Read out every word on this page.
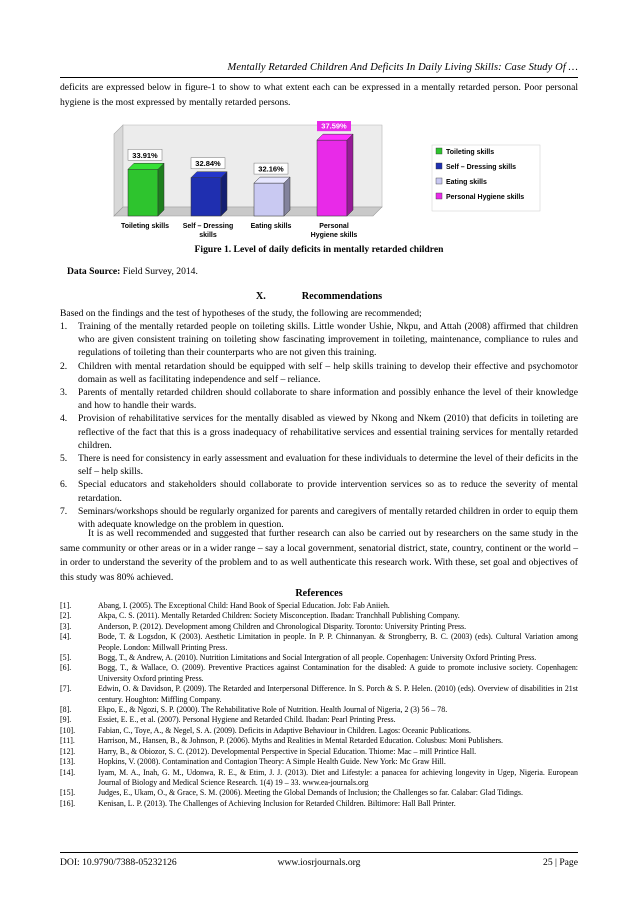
Mentally Retarded Children And Deficits In Daily Living Skills: Case Study Of …
deficits are expressed below in figure-1 to show to what extent each can be expressed in a mentally retarded person. Poor personal hygiene is the most expressed by mentally retarded persons.
33.91%
Toileting skills
32.84%
Self – Dressing
skills
32.16%
Eating skills
37.59%
Personal
Hygiene skills
Toileting skills
Self – Dressing skills
Eating skills
Personal Hygiene skills
Figure 1. Level of daily deficits in mentally retarded children
Data Source: Field Survey, 2014.
X.	Recommendations
Based on the findings and the test of hypotheses of the study, the following are recommended;
1. Training of the mentally retarded people on toileting skills. Little wonder Ushie, Nkpu, and Attah (2008) affirmed that children who are given consistent training on toileting show fascinating improvement in toileting, maintenance, compliance to rules and regulations of toileting than their counterparts who are not given this training.
2. Children with mental retardation should be equipped with self – help skills training to develop their effective and psychomotor domain as well as facilitating independence and self – reliance.
3. Parents of mentally retarded children should collaborate to share information and possibly enhance the level of their knowledge and how to handle their wards.
4. Provision of rehabilitative services for the mentally disabled as viewed by Nkong and Nkem (2010) that deficits in toileting are reflective of the fact that this is a gross inadequacy of rehabilitative services and essential training services for mentally retarded children.
5. There is need for consistency in early assessment and evaluation for these individuals to determine the level of their deficits in the self – help skills.
6. Special educators and stakeholders should collaborate to provide intervention services so as to reduce the severity of mental retardation.
7. Seminars/workshops should be regularly organized for parents and caregivers of mentally retarded children in order to equip them with adequate knowledge on the problem in question.
It is as well recommended and suggested that further research can also be carried out by researchers on the same study in the same community or other areas or in a wider range – say a local government, senatorial district, state, country, continent or the world – in order to understand the severity of the problem and to as well authenticate this research work. With these, set goal and objectives of this study was 80% achieved.
References
[1].	Abang, I. (2005). The Exceptional Child: Hand Book of Special Education. Job: Fab Aniieh.
[2].	Akpa, C. S. (2011). Mentally Retarded Children: Society Misconception. Ibadan: Tranchhall Publishing Company.
[3].	Anderson, P. (2012). Development among Children and Chronological Disparity. Toronto: University Printing Press.
[4].	Bode, T. & Logsdon, K (2003). Aesthetic Limitation in people. In P. P. Chinnanyan. & Strongberry, B. C. (2003) (eds). Cultural Variation among People. London: Millwall Printing Press.
[5].	Bogg, T., & Andrew, A. (2010). Nutrition Limitations and Social Intergration of all people. Copenhagen: University Oxford Printing Press.
[6].	Bogg, T., & Wallace, O. (2009). Preventive Practices against Contamination for the disabled: A guide to promote inclusive society. Copenhagen: University Oxford printing Press.
[7].	Edwin, O. & Davidson, P. (2009). The Retarded and Interpersonal Difference. In S. Porch & S. P. Helen. (2010) (eds). Overview of disabilities in 21st century. Houghton: Miffling Company.
[8].	Ekpo, E., & Ngozi, S. P. (2000). The Rehabilitative Role of Nutrition. Health Journal of Nigeria, 2 (3) 56 – 78.
[9].	Essiet, E. E., et al. (2007). Personal Hygiene and Retarded Child. Ibadan: Pearl Printing Press.
[10].	Fabian, C., Toye, A., & Negel, S. A. (2009). Deficits in Adaptive Behaviour in Children. Lagos: Oceanic Publications.
[11].	Harrison, M., Hansen, B., & Johnson, P. (2006). Myths and Realities in Mental Retarded Education. Colusbus: Moni Publishers.
[12].	Harry, B., & Obiozor, S. C. (2012). Developmental Perspective in Special Education. Thiome: Mac – mill Printice Hall.
[13].	Hopkins, V. (2008). Contamination and Contagion Theory: A Simple Health Guide. New York: Mc Graw Hill.
[14].	Iyam, M. A., Inah, G. M., Udonwa, R. E., & Etim, J. J. (2013). Diet and Lifestyle: a panacea for achieving longevity in Ugep, Nigeria. European Journal of Biology and Medical Science Research. 1(4) 19 – 33. www.ea-journals.org
[15].	Judges, E., Ukam, O., & Grace, S. M. (2006). Meeting the Global Demands of Inclusion; the Challenges so far. Calabar: Glad Tidings.
[16].	Kenisan, L. P. (2013). The Challenges of Achieving Inclusion for Retarded Children. Biltimore: Hall Ball Printer.
DOI: 10.9790/7388-05232126	www.iosrjournals.org	25 | Page
